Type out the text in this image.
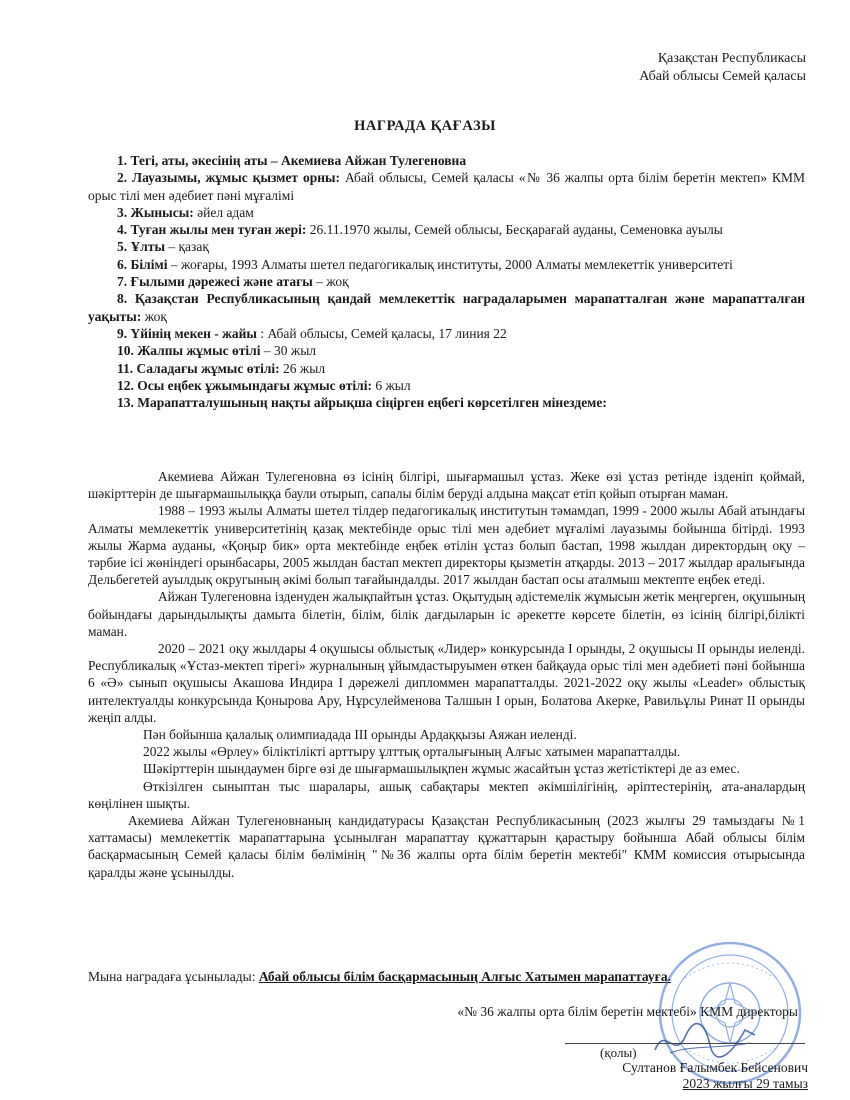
Қазақстан Республикасы
Абай облысы Семей қаласы
НАГРАДА ҚАҒАЗЫ
1. Тегі, аты, әкесінің аты – Акемиева Айжан Тулегеновна
2. Лауазымы, жұмыс қызмет орны: Абай облысы, Семей қаласы «№ 36 жалпы орта білім беретін мектеп» КММ орыс тілі мен әдебиет пәні мұғалімі
3. Жынысы: әйел адам
4. Туған жылы мен туған жері: 26.11.1970 жылы, Семей облысы, Бесқарағай ауданы, Семеновка ауылы
5. Ұлты – қазақ
6. Білімі – жоғары, 1993 Алматы шетел педагогикалық институты, 2000 Алматы мемлекеттік университеті
7. Ғылыми дәрежесі және атағы – жоқ
8. Қазақстан Республикасының қандай мемлекеттік наградаларымен марапатталған және марапатталған уақыты: жоқ
9. Үйінің мекен - жайы : Абай облысы, Семей қаласы, 17 линия 22
10. Жалпы жұмыс өтілі – 30 жыл
11. Саладағы жұмыс өтілі: 26 жыл
12. Осы еңбек ұжымындағы жұмыс өтілі: 6 жыл
13. Марапатталушының нақты айрықша сіңірген еңбегі көрсетілген мінездеме:
Акемиева Айжан Тулегеновна өз ісінің білгірі, шығармашыл ұстаз. Жеке өзі ұстаз ретінде ізденіп қоймай, шәкірттерін де шығармашылыққа баули отырып, сапалы білім беруді алдына мақсат етіп қойып отырған маман.
1988 – 1993 жылы Алматы шетел тілдер педагогикалық институтын тәмамдап, 1999 - 2000 жылы Абай атындағы Алматы мемлекеттік университетінің қазақ мектебінде орыс тілі мен әдебиет мұғалімі лауазымы бойынша бітірді. 1993 жылы Жарма ауданы, «Қоңыр бик» орта мектебінде еңбек өтілін ұстаз болып бастап, 1998 жылдан директордың оқу – тәрбие ісі жөніндегі орынбасары, 2005 жылдан бастап мектеп директоры қызметін атқарды. 2013 – 2017 жылдар аралығында Дельбегетей ауылдық округының әкімі болып тағайындалды. 2017 жылдан бастап осы аталмыш мектепте еңбек етеді.
Айжан Тулегеновна ізденуден жалықпайтын ұстаз. Оқытудың әдістемелік жұмысын жетік меңгерген, оқушының бойындағы дарындылықты дамыта білетін, білім, білік дағдыларын іс әрекетте көрсете білетін, өз ісінің білгірі,білікті маман.
2020 – 2021 оқу жылдары 4 оқушысы облыстық «Лидер» конкурсында І орынды, 2 оқушысы ІІ орынды иеленді. Республикалық «Ұстаз-мектеп тірегі» журналының ұйымдастыруымен өткен байқауда орыс тілі мен әдебиеті пәні бойынша 6 «Ә» сынып оқушысы Акашова Индира І дәрежелі дипломмен марапатталды. 2021-2022 оқу жылы «Leader» облыстық интелектуалды конкурсында Қонырова Ару, Нұрсулейменова Талшын І орын, Болатова Акерке, Равильұлы Ринат ІІ орынды жеңіп алды.
Пән бойынша қалалық олимпиадада ІІІ орынды Ардаққызы Аяжан иеленді.
2022 жылы «Өрлеу» біліктілікті арттыру ұлттық орталығының Алғыс хатымен марапатталды.
Шәкірттерін шындаумен бірге өзі де шығармашылықпен жұмыс жасайтын ұстаз жетістіктері де аз емес.
Өткізілген сыныптан тыс шаралары, ашық сабақтары мектеп әкімшілігінің, әріптестерінің, ата-аналардың көңілінен шықты.
Акемиева Айжан Тулегеновнаның кандидатурасы Қазақстан Республикасының (2023 жылғы 29 тамыздағы №1 хаттамасы) мемлекеттік марапаттарына ұсынылған марапаттау құжаттарын қарастыру бойынша Абай облысы білім басқармасының Семей қаласы білім бөлімінің "№36 жалпы орта білім беретін мектебі" КММ комиссия отырысында қаралды және ұсынылды.
Мына наградаға ұсынылады: Абай облысы білім басқармасының Алғыс Хатымен марапаттауға.
«№ 36 жалпы орта білім беретін мектебі» КММ директоры
(қолы)
Султанов Ғалымбек Бейсенович
2023 жылғы 29 тамыз
